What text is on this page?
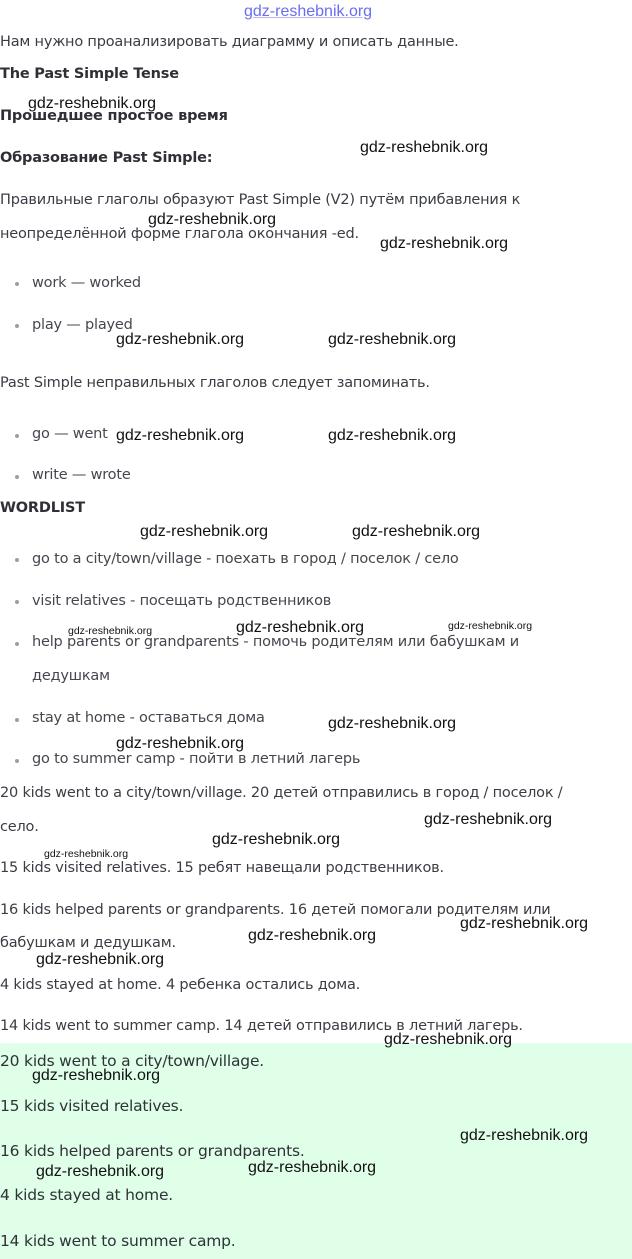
gdz-reshebnik.org
Нам нужно проанализировать диаграмму и описать данные.
The Past Simple Tense
Прошедшее простое время
Образование Past Simple:
Правильные глаголы образуют Past Simple (V2) путём прибавления к
неопределённой форме глагола окончания -ed.
work — worked
play — played
Past Simple неправильных глаголов следует запоминать.
go — went
write — wrote
WORDLIST
go to a city/town/village - поехать в город / поселок / село
visit relatives - посещать родственников
help parents or grandparents - помочь родителям или бабушкам и
дедушкам
stay at home - оставаться дома
go to summer camp - пойти в летний лагерь
20 kids went to a city/town/village. 20 детей отправились в город / поселок /
село.
15 kids visited relatives. 15 ребят навещали родственников.
16 kids helped parents or grandparents. 16 детей помогали родителям или
бабушкам и дедушкам.
4 kids stayed at home. 4 ребенка остались дома.
14 kids went to summer camp. 14 детей отправились в летний лагерь.
20 kids went to a city/town/village.
15 kids visited relatives.
16 kids helped parents or grandparents.
4 kids stayed at home.
14 kids went to summer camp.
gdz-reshebnik.org
gdz-reshebnik.org
gdz-reshebnik.org
gdz-reshebnik.org
gdz-reshebnik.org	gdz-reshebnik.org
gdz-reshebnik.org	gdz-reshebnik.org
gdz-reshebnik.org	gdz-reshebnik.org
gdz-reshebnik.org	gdz-reshebnik.org	gdz-reshebnik.org
gdz-reshebnik.org
gdz-reshebnik.org
gdz-reshebnik.org
gdz-reshebnik.org
gdz-reshebnik.org
gdz-reshebnik.org
gdz-reshebnik.org
gdz-reshebnik.org
gdz-reshebnik.org
gdz-reshebnik.org
gdz-reshebnik.org
gdz-reshebnik.org
gdz-reshebnik.org
